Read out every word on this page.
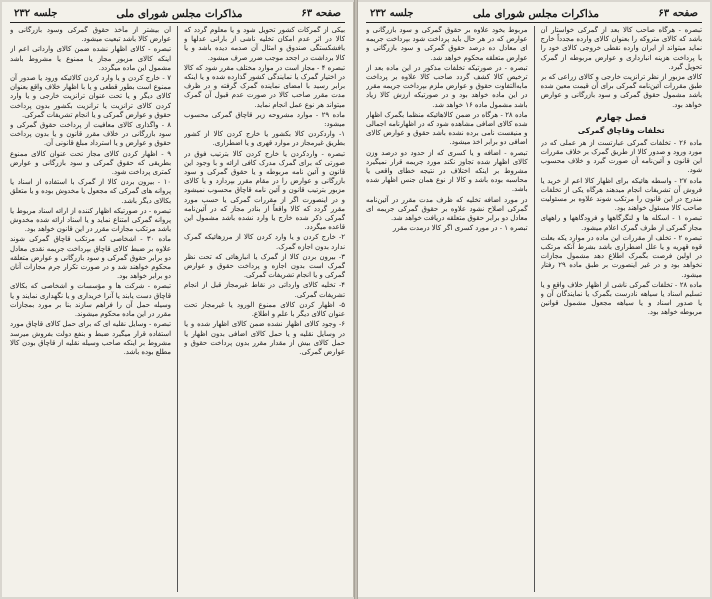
صفحه ۶۳
مذاکرات مجلس شورای ملی
جلسه ۲۳۲

بیکی از گمرکات کشور تحویل شود و یا معلوم گردد که کالا در اثر عدم امکان تخلیه ناشی از بارانی عدلها و بافشکستگی صندوق و امثال آن صدمه دیده باشد و یا کالا برداشت در اجحد موجب ضرر صرف میشود.

تبصره ۴ - مجاز است در موارد مختلف مقرر شود که کالا در اختیار گمرک یا نمایندگی کشور گذارده شده و یا اینکه برابر رسید با امضای نماینده گمرک گرفته و در ظرف مدت مقرر صاحب کالا در صورت عدم قبول آن گمرک میتواند هر نوع عمل انجام نماید.

ماده ۲۹ - موارد مشروحه زیر قاچاق گمرکی محسوب میشود:

۱- واردکردن کالا بکشور یا خارج کردن کالا از کشور بطریق غیرمجاز در موارد قهری و یا اضطراری.

تبصره - واردکردن یا خارج کردن کالا بترتیب فوق در صورتی که برای گمرک مدرک کافی ارائه و با وجود این قانون و آئین نامه مربوطه و یا حقوق گمرکی و سود بازرگانی و عوارض را در مقام مقرر بپردازد و یا کالای مزبور بترتیب قانون و آئین نامه قاچاق محسوب نمیشود و در اینصورت اگر از مقررات گمرکی یا حسب مورد مقرر گردد که کالا واقعاً از بنادر مجاز که در آئین‌نامه گمرکی ذکر شده خارج یا وارد نشده باشد مشمول این قاعده میگردد.

۲- خارج کردن و یا وارد کردن کالا از مرزهائیکه گمرک ندارد بدون اجازه گمرک.

۳- بیرون بردن کالا از گمرک یا انبارهائی که تحت نظر گمرک است بدون اجازه و پرداخت حقوق و عوارض گمرکی و یا انجام تشریفات گمرکی.

۴- تخلیه کالای وارداتی در نقاط غیرمجاز قبل از انجام تشریفات گمرکی.

۵- اظهار کردن کالای ممنوع الورود یا غیرمجاز تحت عنوان کالای دیگر با علم و اطلاع.

۶- وجود کالای اظهار نشده ضمن کالای اظهار شده و یا در وسایل نقلیه و یا حمل کالای اضافی بدون اظهار یا حمل کالای بیش از مقدار مقرر بدون پرداخت حقوق و عوارض گمرکی.

آن بیشتر از مأخذ حقوق گمرکی وسود بازرگانی و عوارض کالا باشد تبعیت میشود.

تبصره - کالای اظهار نشده ضمن کالای وارداتی اعم از اینکه کالای مزبور مجاز یا ممنوع یا مشروط باشد مشمول این ماده میگردد.

۷ - خارج کردن و یا وارد کردن کالائیکه ورود یا صدور آن ممنوع است بطور قطعی و یا با اظهار خلاف واقع بعنوان کالای دیگر و یا تحت عنوان ترانزیت خارجی و یا وارد کردن کالای ترانزیت یا ترانزیت بکشور بدون پرداخت حقوق و عوارض گمرکی و یا انجام تشریفات گمرکی.

۸ - واگذاری کالای معافیت از پرداخت حقوق گمرکی و سود بازرگانی در خلاف مقرر قانون و یا بدون پرداخت حقوق و عوارض و یا استرداد مبلغ قانونی آن.

۹ - اظهار کردن کالای مجاز تحت عنوان کالای ممنوع بطریقی که حقوق گمرکی و سود بازرگانی و عوارض کمتری پرداخت شود.

۱۰ - بیرون بردن کالا از گمرک با استفاده از اسناد یا پروانه های گمرکی که مجعول یا مخدوش بوده و یا متعلق بکالای دیگر باشد.

تبصره - در صورتیکه اظهار کننده از ارائه اسناد مربوط یا پروانه گمرکی امتناع نماید و یا اسناد ارائه شده مخدوش باشد مرتکب مجازات مقرر در این قانون خواهد بود.

ماده ۳۰ - اشخاصی که مرتکب قاچاق گمرکی شوند علاوه بر ضبط کالای قاچاق بپرداخت جریمه نقدی معادل دو برابر حقوق گمرکی و سود بازرگانی و عوارض متعلقه محکوم خواهند شد و در صورت تکرار جرم مجازات آنان دو برابر خواهد بود.

تبصره - شرکت ها و مؤسسات و اشخاصی که بکالای قاچاق دست یابند یا آنرا خریداری و یا نگهداری نمایند و یا وسیله حمل آن را فراهم سازند بنا بر مورد بمجازات مقرر در این ماده محکوم میشوند.

تبصره - وسایل نقلیه ای که برای حمل کالای قاچاق مورد استفاده قرار میگیرد ضبط و بنفع دولت بفروش میرسد مشروط بر اینکه صاحب وسیله نقلیه از قاچاق بودن کالا مطلع بوده باشد.

صفحه ۶۳
مذاکرات مجلس شورای ملی
جلسه ۲۳۲

تبصره - هرگاه صاحب کالا بعد از گمرکی خواستار آن باشد که کالای متروکه را بعنوان کالای وارده مجدداً خارج نماید میتواند از ایران وارده نقطی خروجی کالای خود را با پرداخت هزینه انبارداری و عوارض مربوطه از گمرک تحویل گیرد.

کالای مزبور از نظر ترانزیت خارجی و کالای زراعی که بر طبق مقررات آئین‌نامه گمرکی برای آن قیمت معین شده باشد مشمول حقوق گمرکی و سود بازرگانی و عوارض خواهد بود.

فصل چهارم
تخلفات وقاچاق گمرکی

ماده ۲۶ - تخلفات گمرکی عبارتست از هر عملی که در مورد ورود و صدور کالا از طریق گمرک بر خلاف مقررات این قانون و آئین‌نامه آن صورت گیرد و خلاف محسوب شود.

ماده ۲۷ - واسطه هائیکه برای اظهار کالا اعم از خرید یا فروش آن تشریفات انجام میدهند هرگاه یکی از تخلفات مندرج در این قانون را مرتکب شوند علاوه بر مسئولیت صاحب کالا مسئول خواهند بود.

تبصره ۱ - اسکله ها و لنگرگاهها و فرودگاهها و راههای مجاز گمرکی از طرف گمرک اعلام میشود.

تبصره ۲ - تخلف از مقررات این ماده در موارد یکه بعلت قوه قهریه و یا علل اضطراری باشد بشرط آنکه مرتکب در اولین فرصت بگمرک اطلاع دهد مشمول مجازات نخواهد بود و در غیر اینصورت بر طبق ماده ۲۹ رفتار میشود.

ماده ۲۸ - تخلفات گمرکی ناشی از اظهار خلاف واقع و یا تسلیم اسناد یا سیاهه نادرست بگمرک یا نمایندگان آن و یا صدور اسناد و یا سیاهه مجعول مشمول قوانین مربوطه خواهد بود.

مربوط بخود علاوه بر حقوق گمرکی و سود بازرگانی و عوارض که در هر حال باید پرداخت شود بپرداخت جریمه ای معادل ده درصد حقوق گمرکی و سود بازرگانی و عوارض متعلقه محکوم خواهد شد.

تبصره - در صورتیکه تخلفات مذکور در این ماده بعد از ترخیص کالا کشف گردد صاحب کالا علاوه بر پرداخت مابه‌التفاوت حقوق و عوارض ملزم بپرداخت جریمه مقرر در این ماده خواهد بود و در صورتیکه ارزش کالا زیاد باشد مشمول ماده ۱۶ خواهد شد.

ماده ۲۸ - هرگاه در ضمن کالاهائیکه منظما بگمرک اظهار شده کالای اضافی مشاهده شود که در اظهارنامه اجمالی و منیفست نامی برده نشده باشد حقوق و عوارض کالای اضافی دو برابر اخذ میشود.

تبصره - اضافه و یا کسری که از حدود دو درصد وزن کالای اظهار شده تجاوز نکند مورد جریمه قرار نمیگیرد مشروط بر اینکه اختلاف در نتیجه خطای واقعی یا محاسبه بوده باشد و کالا از نوع همان جنس اظهار شده باشد.

در مورد اضافه تخلیه که ظرف مدت مقرر در آئین‌نامه گمرکی اصلاح نشود علاوه بر حقوق گمرکی جریمه ای معادل دو برابر حقوق متعلقه دریافت خواهد شد.

تبصره ۱ - در مورد کسری اگر کالا درمدت مقرر
